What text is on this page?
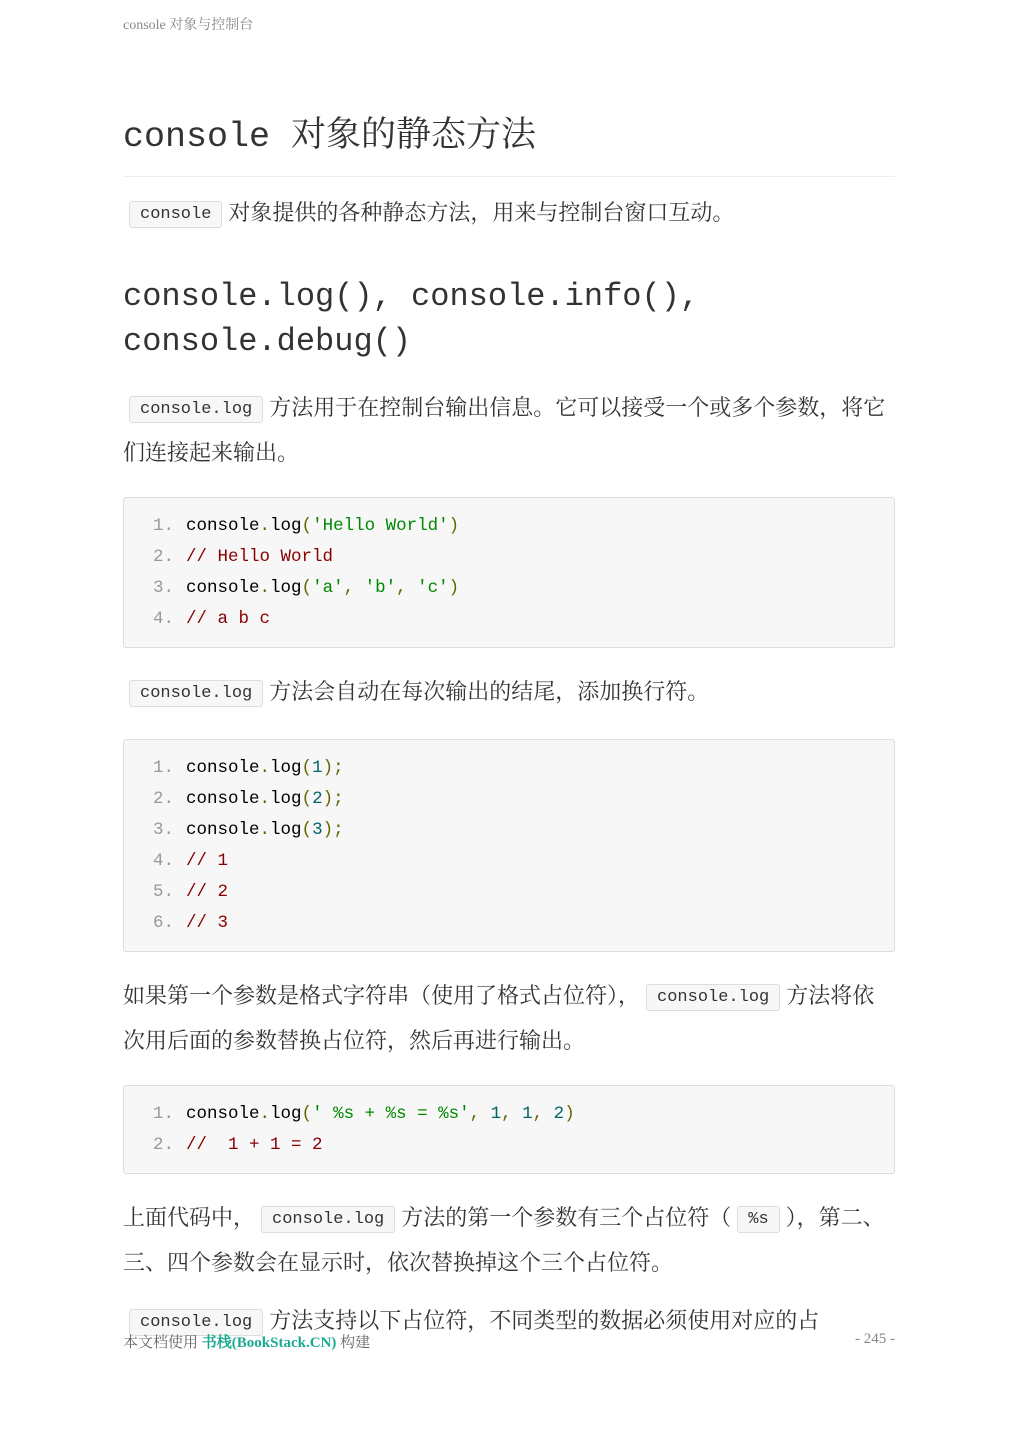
console 对象与控制台
console 对象的静态方法

console 对象提供的各种静态方法，用来与控制台窗口互动。

console.log(), console.info(),
console.debug()

console.log 方法用于在控制台输出信息。它可以接受一个或多个参数，将它们连接起来输出。

1. console.log('Hello World')
2. // Hello World
3. console.log('a', 'b', 'c')
4. // a b c

console.log 方法会自动在每次输出的结尾，添加换行符。

1. console.log(1);
2. console.log(2);
3. console.log(3);
4. // 1
5. // 2
6. // 3

如果第一个参数是格式字符串（使用了格式占位符）， console.log 方法将依次用后面的参数替换占位符，然后再进行输出。

1. console.log(' %s + %s = %s', 1, 1, 2)
2. //  1 + 1 = 2

上面代码中， console.log 方法的第一个参数有三个占位符（ %s ），第二、三、四个参数会在显示时，依次替换掉这个三个占位符。

console.log 方法支持以下占位符，不同类型的数据必须使用对应的占

本文档使用 书栈(BookStack.CN) 构建	- 245 -
